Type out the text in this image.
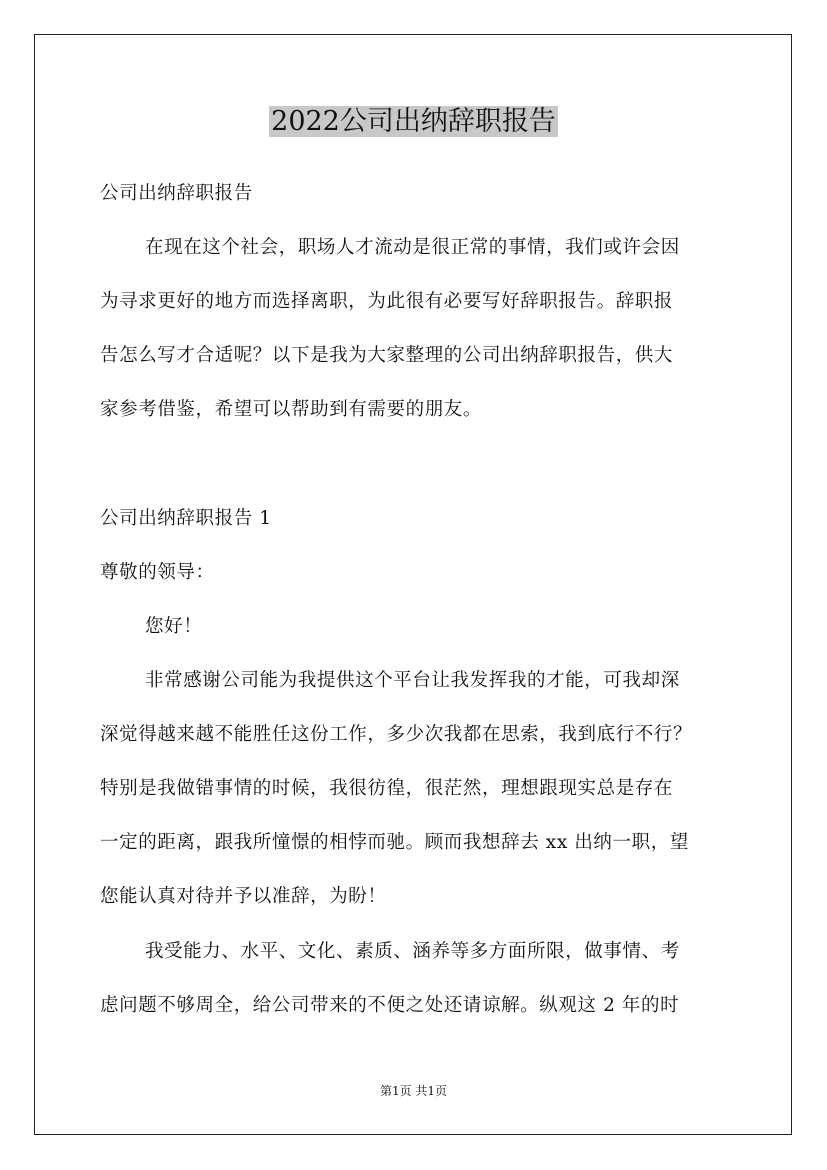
2022公司出纳辞职报告
公司出纳辞职报告
在现在这个社会，职场人才流动是很正常的事情，我们或许会因
为寻求更好的地方而选择离职，为此很有必要写好辞职报告。辞职报
告怎么写才合适呢？以下是我为大家整理的公司出纳辞职报告，供大
家参考借鉴，希望可以帮助到有需要的朋友。
公司出纳辞职报告 1
尊敬的领导：
您好！
非常感谢公司能为我提供这个平台让我发挥我的才能，可我却深
深觉得越来越不能胜任这份工作，多少次我都在思索，我到底行不行？
特别是我做错事情的时候，我很彷徨，很茫然，理想跟现实总是存在
一定的距离，跟我所憧憬的相悖而驰。顾而我想辞去 xx 出纳一职，望
您能认真对待并予以准辞，为盼！
我受能力、水平、文化、素质、涵养等多方面所限，做事情、考
虑问题不够周全，给公司带来的不便之处还请谅解。纵观这 2 年的时
第1页 共1页
